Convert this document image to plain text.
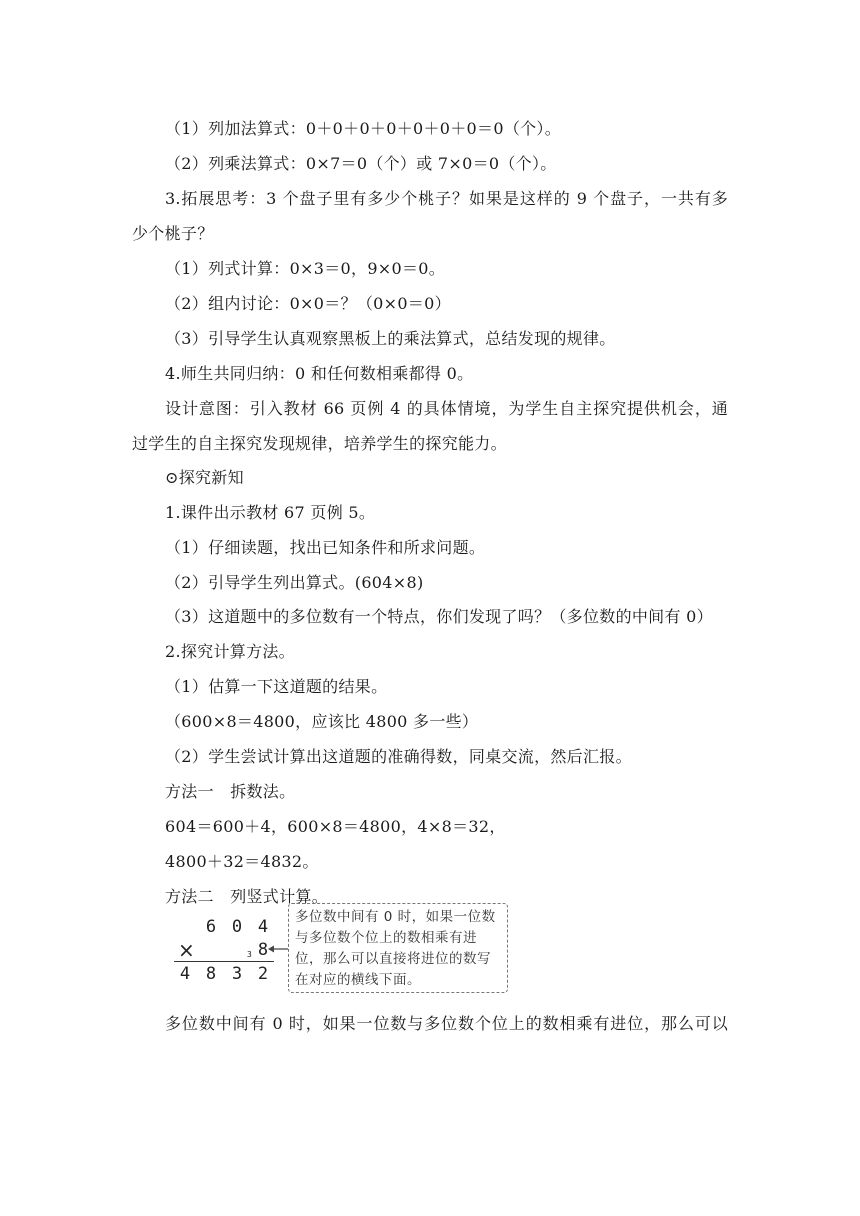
（1）列加法算式：0＋0＋0＋0＋0＋0＋0＝0（个）。
（2）列乘法算式：0×7＝0（个）或 7×0＝0（个）。
3.拓展思考：3 个盘子里有多少个桃子？如果是这样的 9 个盘子，一共有多
少个桃子？
（1）列式计算：0×3＝0，9×0＝0。
（2）组内讨论：0×0＝？（0×0＝0）
（3）引导学生认真观察黑板上的乘法算式，总结发现的规律。
4.师生共同归纳：0 和任何数相乘都得 0。
设计意图：引入教材 66 页例 4 的具体情境，为学生自主探究提供机会，通
过学生的自主探究发现规律，培养学生的探究能力。
⊙探究新知
1.课件出示教材 67 页例 5。
（1）仔细读题，找出已知条件和所求问题。
（2）引导学生列出算式。(604×8)
（3）这道题中的多位数有一个特点，你们发现了吗？（多位数的中间有 0）
2.探究计算方法。
（1）估算一下这道题的结果。
（600×8＝4800，应该比 4800 多一些）
（2）学生尝试计算出这道题的准确得数，同桌交流，然后汇报。
方法一　拆数法。
604＝600＋4，600×8＝4800，4×8＝32，
4800＋32＝4832。
方法二　列竖式计算。
6 0 4
×	3 8
4 8 3 2
多位数中间有 0 时，如果一位数与多位数个位上的数相乘有进位，那么可以直接将进位的数写在对应的横线下面。
多位数中间有 0 时，如果一位数与多位数个位上的数相乘有进位，那么可以
